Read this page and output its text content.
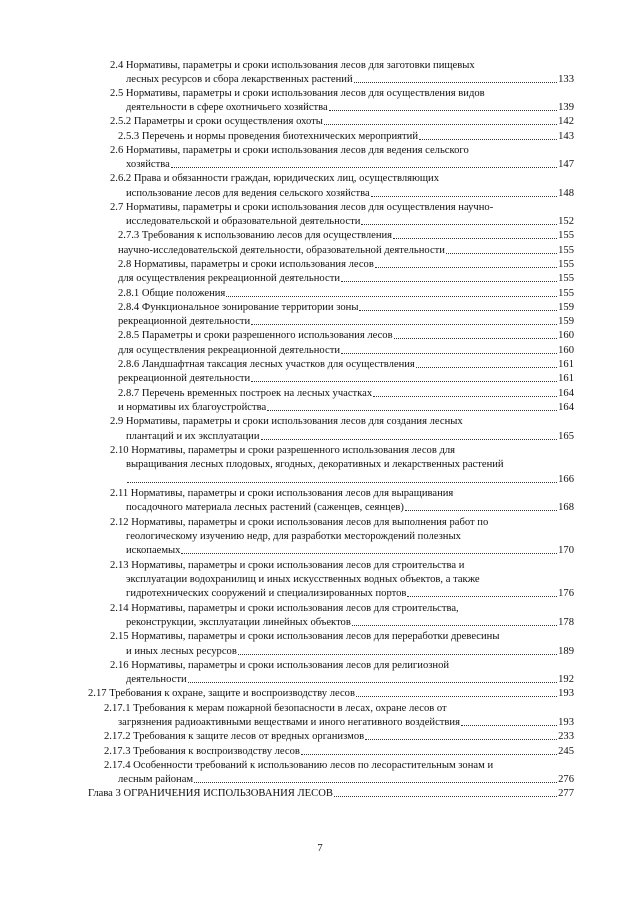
2.4 Нормативы, параметры и сроки использования лесов для заготовки пищевых
лесных ресурсов и сбора лекарственных растений	133
2.5 Нормативы, параметры и сроки использования лесов для осуществления видов
деятельности в сфере охотничьего хозяйства	139
2.5.2 Параметры и сроки осуществления охоты	142
2.5.3 Перечень и нормы проведения биотехнических мероприятий	143
2.6 Нормативы, параметры и сроки использования лесов для ведения сельского
хозяйства	147
2.6.2 Права и обязанности граждан, юридических лиц, осуществляющих
использование лесов для ведения сельского хозяйства	148
2.7 Нормативы, параметры и сроки использования лесов для осуществления научно-
исследовательской и образовательной деятельности	152
2.7.3 Требования к использованию лесов для осуществления	155
научно-исследовательской деятельности, образовательной деятельности	155
2.8 Нормативы, параметры и сроки использования лесов	155
для осуществления рекреационной деятельности	155
2.8.1 Общие положения	155
2.8.4 Функциональное зонирование территории зоны	159
рекреационной деятельности	159
2.8.5 Параметры и сроки разрешенного использования лесов	160
для осуществления рекреационной деятельности	160
2.8.6 Ландшафтная таксация лесных участков для осуществления	161
рекреационной деятельности	161
2.8.7 Перечень временных построек на лесных участках	164
и нормативы их благоустройства	164
2.9 Нормативы, параметры и сроки использования лесов для создания лесных
плантаций и их эксплуатации	165
2.10 Нормативы, параметры и сроки разрешенного использования лесов для
выращивания лесных плодовых, ягодных, декоративных и лекарственных растений
166
2.11 Нормативы, параметры и сроки использования лесов для выращивания
посадочного материала лесных растений (саженцев, сеянцев)	168
2.12 Нормативы, параметры и сроки использования лесов для выполнения работ по
геологическому изучению недр, для разработки месторождений полезных
ископаемых	170
2.13 Нормативы, параметры и сроки использования лесов для строительства и
эксплуатации водохранилищ и иных искусственных водных объектов, а также
гидротехнических сооружений и специализированных портов	176
2.14 Нормативы, параметры и сроки использования лесов для строительства,
реконструкции, эксплуатации линейных объектов	178
2.15 Нормативы, параметры и сроки использования лесов для переработки древесины
и иных лесных ресурсов	189
2.16 Нормативы, параметры и сроки использования лесов для религиозной
деятельности	192
2.17 Требования к охране, защите и воспроизводству лесов	193
2.17.1 Требования к мерам пожарной безопасности в лесах, охране лесов от
загрязнения радиоактивными веществами и иного негативного воздействия	193
2.17.2 Требования к защите лесов от вредных организмов	233
2.17.3 Требования к воспроизводству лесов	245
2.17.4 Особенности требований к использованию лесов по лесорастительным зонам и
лесным районам	276
Глава 3 ОГРАНИЧЕНИЯ ИСПОЛЬЗОВАНИЯ ЛЕСОВ	277
7
